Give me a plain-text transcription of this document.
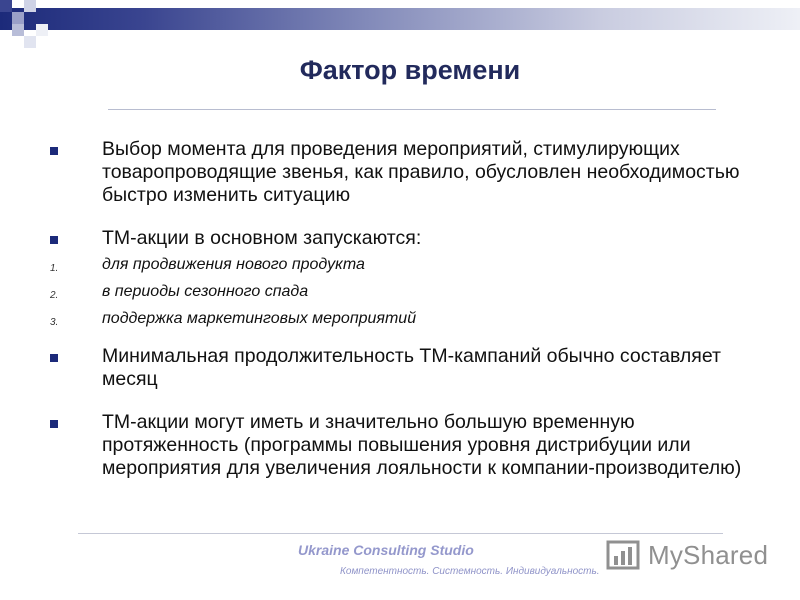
Фактор времени
Выбор момента для проведения мероприятий, стимулирующих товаропроводящие звенья, как правило, обусловлен необходимостью быстро изменить ситуацию
ТМ-акции в основном запускаются:
1.	для продвижения нового продукта
2.	в периоды сезонного спада
3.	поддержка маркетинговых мероприятий
Минимальная продолжительность ТМ-кампаний обычно составляет месяц
ТМ-акции могут иметь и значительно большую временную протяженность (программы повышения уровня дистрибуции или мероприятия для увеличения лояльности к компании-производителю)
Ukraine Consulting Studio
Компетентность. Системность. Индивидуальность.
MyShared
